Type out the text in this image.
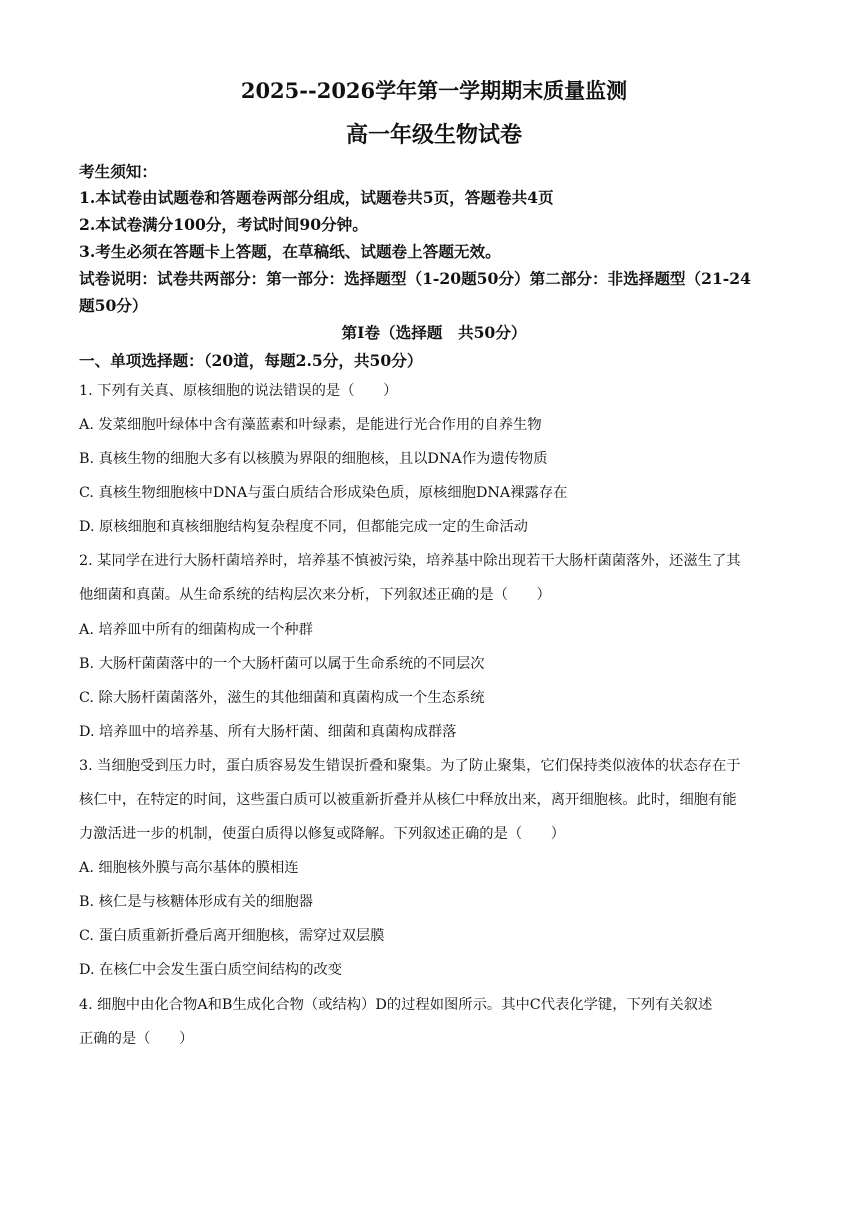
2025--2026学年第一学期期末质量监测
高一年级生物试卷
考生须知：
1.本试卷由试题卷和答题卷两部分组成，试题卷共5页，答题卷共4页
2.本试卷满分100分，考试时间90分钟。
3.考生必须在答题卡上答题，在草稿纸、试题卷上答题无效。
试卷说明：试卷共两部分：第一部分：选择题型（1-20题50分）第二部分：非选择题型（21-24
题50分）
第Ⅰ卷（选择题　共50分）
一、单项选择题：（20道，每题2.5分，共50分）
1. 下列有关真、原核细胞的说法错误的是（　　）
A. 发菜细胞叶绿体中含有藻蓝素和叶绿素，是能进行光合作用的自养生物
B. 真核生物的细胞大多有以核膜为界限的细胞核，且以DNA作为遗传物质
C. 真核生物细胞核中DNA与蛋白质结合形成染色质，原核细胞DNA裸露存在
D. 原核细胞和真核细胞结构复杂程度不同，但都能完成一定的生命活动
2. 某同学在进行大肠杆菌培养时，培养基不慎被污染，培养基中除出现若干大肠杆菌菌落外，还滋生了其
他细菌和真菌。从生命系统的结构层次来分析，下列叙述正确的是（　　）
A. 培养皿中所有的细菌构成一个种群
B. 大肠杆菌菌落中的一个大肠杆菌可以属于生命系统的不同层次
C. 除大肠杆菌菌落外，滋生的其他细菌和真菌构成一个生态系统
D. 培养皿中的培养基、所有大肠杆菌、细菌和真菌构成群落
3. 当细胞受到压力时，蛋白质容易发生错误折叠和聚集。为了防止聚集，它们保持类似液体的状态存在于
核仁中，在特定的时间，这些蛋白质可以被重新折叠并从核仁中释放出来，离开细胞核。此时，细胞有能
力激活进一步的机制，使蛋白质得以修复或降解。下列叙述正确的是（　　）
A. 细胞核外膜与高尔基体的膜相连
B. 核仁是与核糖体形成有关的细胞器
C. 蛋白质重新折叠后离开细胞核，需穿过双层膜
D. 在核仁中会发生蛋白质空间结构的改变
4. 细胞中由化合物A和B生成化合物（或结构）D的过程如图所示。其中C代表化学键，下列有关叙述
正确的是（　　）
